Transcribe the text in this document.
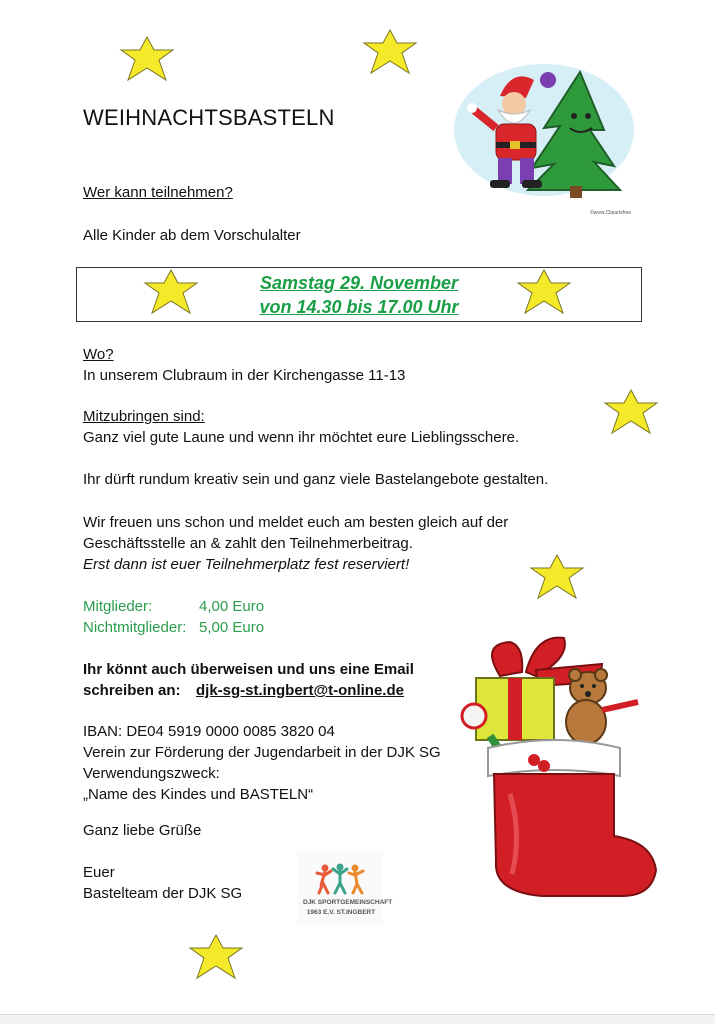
©www.Clipartsfree
WEIHNACHTSBASTELN
Wer kann teilnehmen?
Alle Kinder ab dem Vorschulalter
Samstag 29. November
von 14.30 bis 17.00 Uhr
Wo?
In unserem Clubraum in der Kirchengasse 11-13
Mitzubringen sind:
Ganz viel gute Laune und wenn ihr möchtet eure Lieblingsschere.
Ihr dürft rundum kreativ sein und ganz viele Bastelangebote gestalten.
Wir freuen uns schon und meldet euch am besten gleich auf der
Geschäftsstelle an & zahlt den Teilnehmerbeitrag.
Erst dann ist euer Teilnehmerplatz fest reserviert!
Mitglieder:	4,00 Euro
Nichtmitglieder: 5,00 Euro
Ihr könnt auch überweisen und uns eine Email
schreiben an: djk-sg-st.ingbert@t-online.de
IBAN: DE04 5919 0000 0085 3820 04
Verein zur Förderung der Jugendarbeit in der DJK SG
Verwendungszweck:
„Name des Kindes und BASTELN“
Ganz liebe Grüße
Euer
Bastelteam der DJK SG
DJK SPORTGEMEINSCHAFT
1963 E.V. ST.INGBERT
